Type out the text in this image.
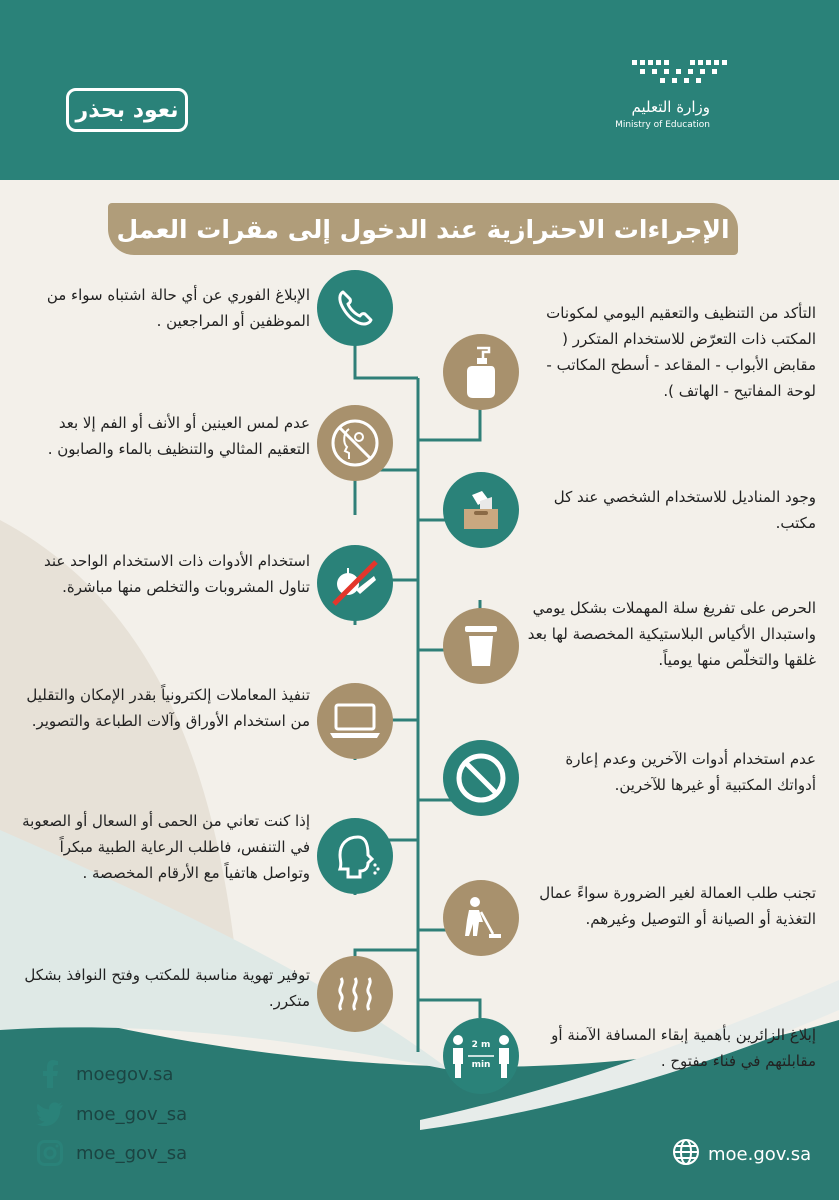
نعود بحذر	وزارة التعليم
Ministry of Education
الإجراءات الاحترازية عند الدخول إلى مقرات العمل
الإبلاغ الفوري عن أي حالة اشتباه سواء من الموظفين أو المراجعين .
عدم لمس العينين أو الأنف أو الفم إلا بعد التعقيم المثالي والتنظيف بالماء والصابون .
استخدام الأدوات ذات الاستخدام الواحد عند تناول المشروبات والتخلص منها مباشرة.
تنفيذ المعاملات إلكترونياً بقدر الإمكان والتقليل من استخدام الأوراق وآلات الطباعة والتصوير.
إذا كنت تعاني من الحمى أو السعال أو الصعوبة في التنفس، فاطلب الرعاية الطبية مبكراً وتواصل هاتفياً مع الأرقام المخصصة .
توفير تهوية مناسبة للمكتب وفتح النوافذ بشكل متكرر.
2 m
min
التأكد من التنظيف والتعقيم اليومي لمكونات المكتب ذات التعرّض للاستخدام المتكرر ( مقابض الأبواب - المقاعد - أسطح المكاتب - لوحة المفاتيح - الهاتف ).
وجود المناديل للاستخدام الشخصي عند كل مكتب.
الحرص على تفريغ سلة المهملات بشكل يومي واستبدال الأكياس البلاستيكية المخصصة لها بعد غلقها والتخلّص منها يومياً.
عدم استخدام أدوات الآخرين وعدم إعارة أدواتك المكتبية أو غيرها للآخرين.
تجنب طلب العمالة لغير الضرورة سواءً عمال التغذية أو الصيانة أو التوصيل وغيرهم.
إبلاغ الزائرين بأهمية إبقاء المسافة الآمنة أو مقابلتهم في فناء مفتوح .
moegov.sa
moe_gov_sa
moe_gov_sa	moe.gov.sa
